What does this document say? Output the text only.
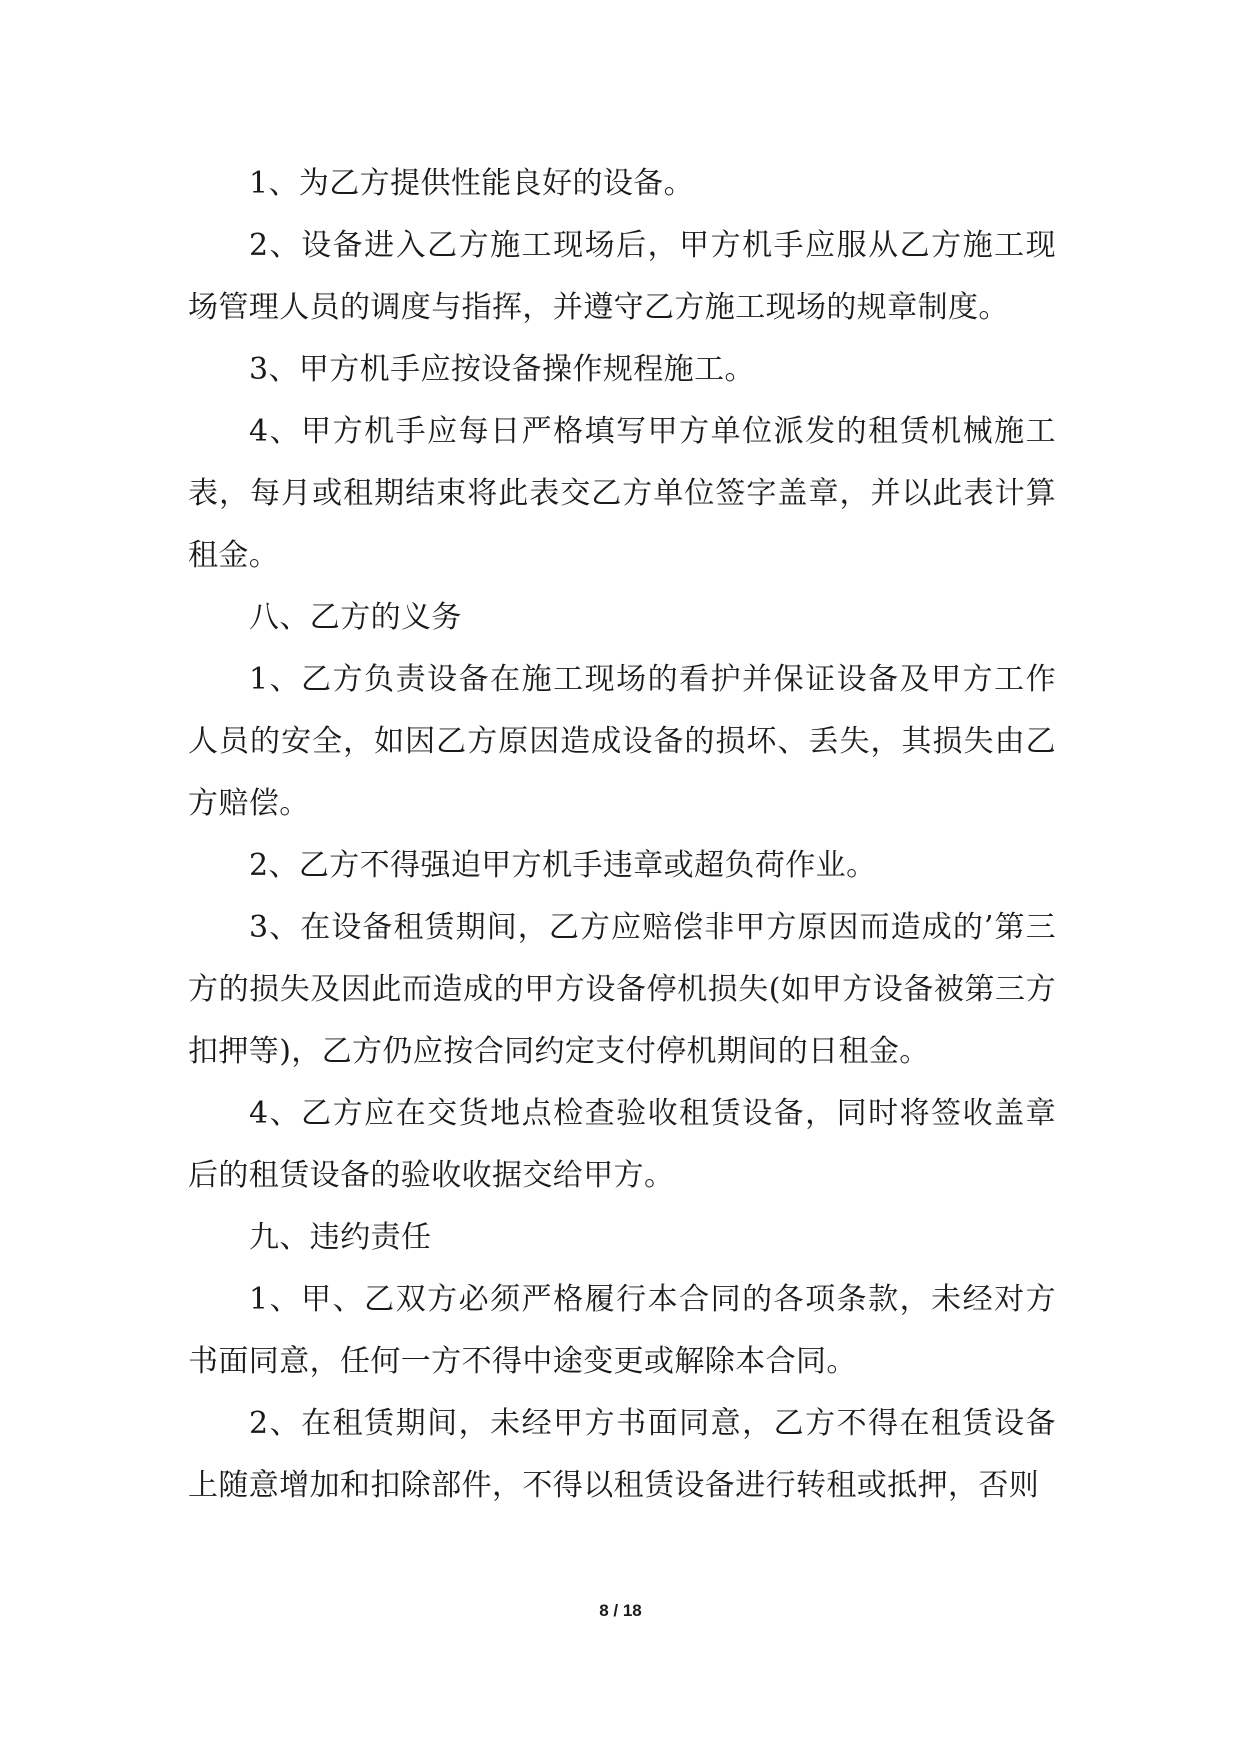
1、为乙方提供性能良好的设备。

2、设备进入乙方施工现场后，甲方机手应服从乙方施工现场管理人员的调度与指挥，并遵守乙方施工现场的规章制度。

3、甲方机手应按设备操作规程施工。

4、甲方机手应每日严格填写甲方单位派发的租赁机械施工表，每月或租期结束将此表交乙方单位签字盖章，并以此表计算租金。

八、乙方的义务

1、乙方负责设备在施工现场的看护并保证设备及甲方工作人员的安全，如因乙方原因造成设备的损坏、丢失，其损失由乙方赔偿。

2、乙方不得强迫甲方机手违章或超负荷作业。

3、在设备租赁期间，乙方应赔偿非甲方原因而造成的’第三方的损失及因此而造成的甲方设备停机损失(如甲方设备被第三方扣押等)，乙方仍应按合同约定支付停机期间的日租金。

4、乙方应在交货地点检查验收租赁设备，同时将签收盖章后的租赁设备的验收收据交给甲方。

九、违约责任

1、甲、乙双方必须严格履行本合同的各项条款，未经对方书面同意，任何一方不得中途变更或解除本合同。

2、在租赁期间，未经甲方书面同意，乙方不得在租赁设备上随意增加和扣除部件，不得以租赁设备进行转租或抵押，否则

8 / 18
